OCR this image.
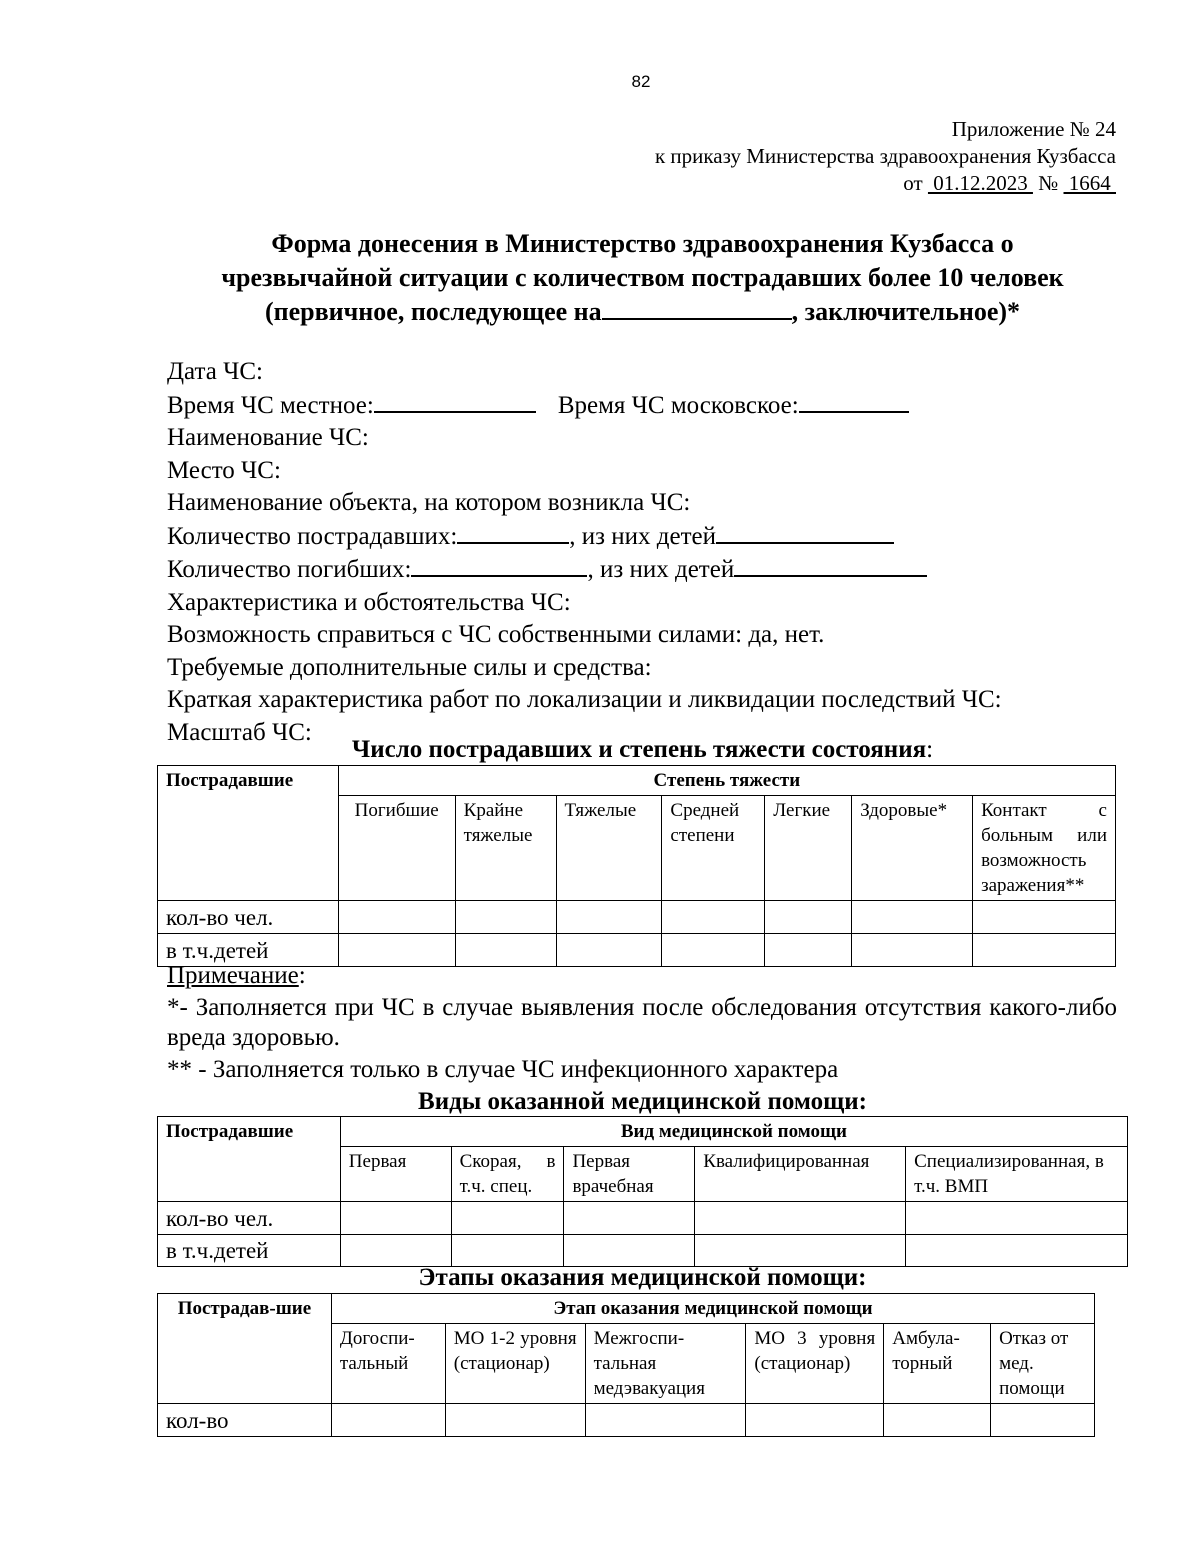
82
Приложение № 24
к приказу Министерства здравоохранения Кузбасса
от  01.12.2023  №  1664
Форма донесения в Министерство здравоохранения Кузбасса о
чрезвычайной ситуации с количеством пострадавших более 10 человек
(первичное, последующее на	, заключительное)*
Дата ЧС:
Время ЧС местное:	Время ЧС московское:
Наименование ЧС:
Место ЧС:
Наименование объекта, на котором возникла ЧС:
Количество пострадавших:	, из них детей
Количество погибших:	, из них детей
Характеристика и обстоятельства ЧС:
Возможность справиться с ЧС собственными силами: да, нет.
Требуемые дополнительные силы и средства:
Краткая характеристика работ по локализации и ликвидации последствий ЧС:
Масштаб ЧС:
Число пострадавших и степень тяжести состояния:
Пострадавшие	Степень тяжести						
	Погибшие	Крайне тяжелые	Тяжелые	Средней степени	Легкие	Здоровые*	Контакт с больным или возможность заражения**
кол-во чел.							
в т.ч.детей							
Примечание:
*- Заполняется при ЧС в случае выявления после обследования отсутствия какого-либо вреда здоровью.
** - Заполняется только в случае ЧС инфекционного характера
Виды оказанной медицинской помощи:
Пострадавшие	Вид медицинской помощи				
	Первая	Скорая, в т.ч. спец.	Первая врачебная	Квалифицированная	Специализированная, в т.ч. ВМП
кол-во чел.					
в т.ч.детей					
Этапы оказания медицинской помощи:
Пострадав-шие	Этап оказания медицинской помощи					
	Догоспи-тальный	МО 1-2 уровня (стационар)	Межгоспи-тальная медэвакуация	МО 3 уровня (стационар)	Амбула-торный	Отказ от мед. помощи
кол-во						
